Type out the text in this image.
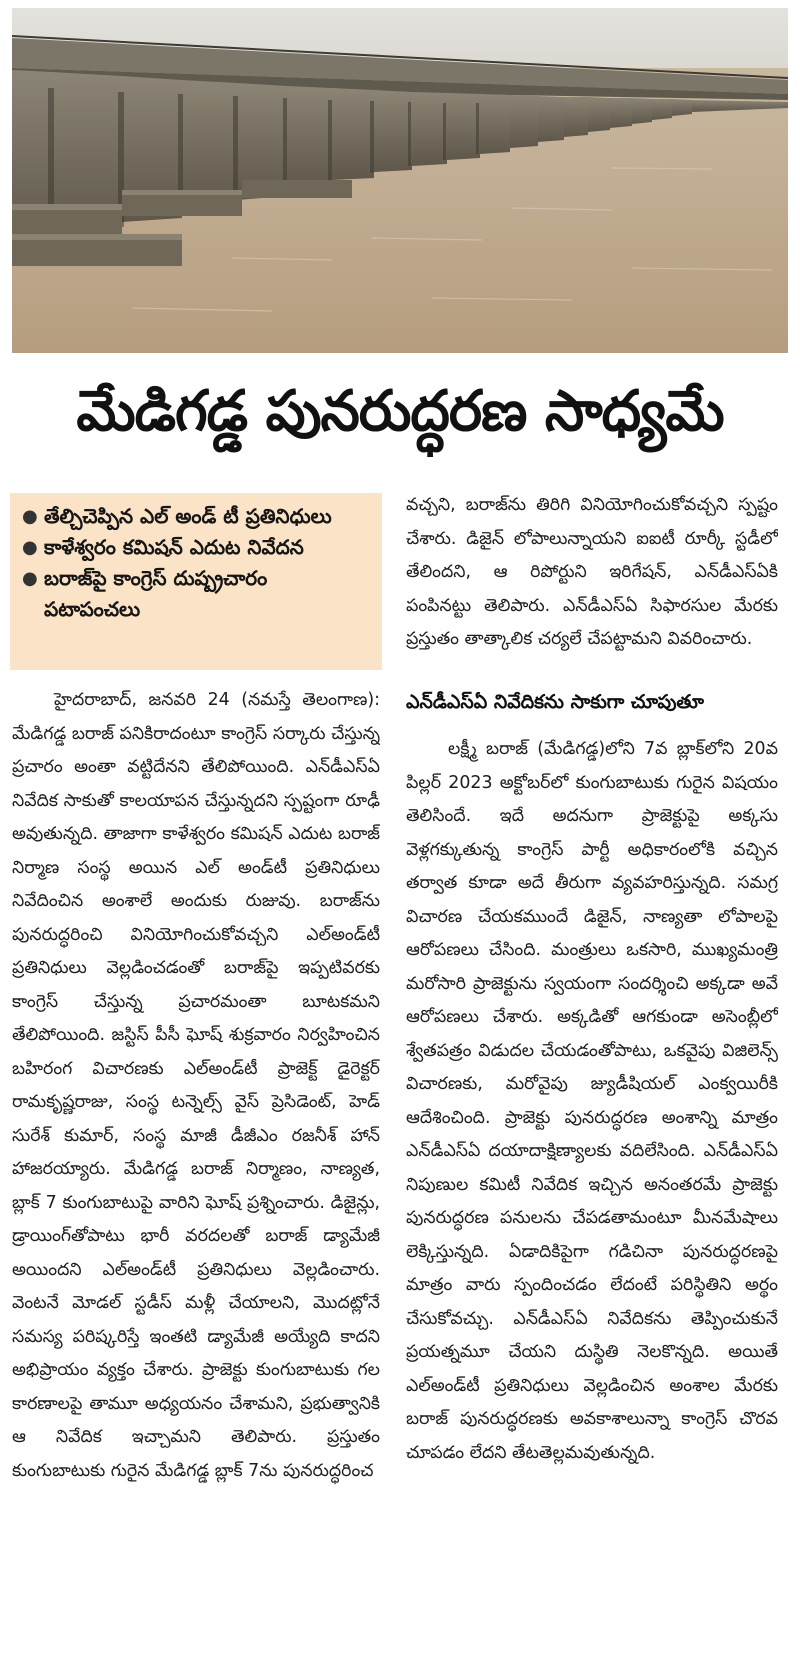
మేడిగడ్డ పునరుద్ధరణ సాధ్యమే
● తేల్చిచెప్పిన ఎల్‌ అండ్‌ టీ ప్రతినిధులు
● కాళేశ్వరం కమిషన్‌ ఎదుట నివేదన
● బరాజ్‌పై కాంగ్రెస్‌ దుష్ప్రచారం పటాపంచలు

హైదరాబాద్‌, జనవరి 24 (నమస్తే తెలంగాణ): మేడిగడ్డ బరాజ్‌ పనికిరాదంటూ కాంగ్రెస్‌ సర్కారు చేస్తున్న ప్రచారం అంతా వట్టిదేనని తేలిపోయింది. ఎన్‌డీఎస్‌ఏ నివేదిక సాకుతో కాలయాపన చేస్తున్నదని స్పష్టంగా రూఢీ అవుతున్నది. తాజాగా కాళేశ్వరం కమిషన్‌ ఎదుట బరాజ్‌ నిర్మాణ సంస్థ అయిన ఎల్‌ అండ్‌టీ ప్రతినిధులు నివేదించిన అంశాలే అందుకు రుజువు. బరాజ్‌ను పునరుద్ధరించి వినియోగించుకోవచ్చని ఎల్‌అండ్‌టీ ప్రతినిధులు వెల్లడించడంతో బరాజ్‌పై ఇప్పటివరకు కాంగ్రెస్‌ చేస్తున్న ప్రచారమంతా బూటకమని తేలిపోయింది. జస్టిస్‌ పీసీ ఘోష్‌ శుక్రవారం నిర్వహించిన బహిరంగ విచారణకు ఎల్‌అండ్‌టీ ప్రాజెక్ట్‌ డైరెక్టర్‌ రామకృష్ణరాజు, సంస్థ టన్నెల్స్‌ వైస్‌ ప్రెసిడెంట్‌, హెడ్‌ సురేశ్‌ కుమార్‌, సంస్థ మాజీ డీజీఎం రజనీశ్‌ హాన్‌ హాజరయ్యారు. మేడిగడ్డ బరాజ్‌ నిర్మాణం, నాణ్యత, బ్లాక్‌ 7 కుంగుబాటుపై వారిని ఘోష్‌ ప్రశ్నించారు. డిజైన్లు, డ్రాయింగ్‌తోపాటు భారీ వరదలతో బరాజ్‌ డ్యామేజీ అయిందని ఎల్‌అండ్‌టీ ప్రతినిధులు వెల్లడించారు. వెంటనే మోడల్‌ స్టడీస్‌ మళ్లీ చేయాలని, మొదట్లోనే సమస్య పరిష్కరిస్తే ఇంతటి డ్యామేజీ అయ్యేది కాదని అభిప్రాయం వ్యక్తం చేశారు. ప్రాజెక్టు కుంగుబాటుకు గల కారణాలపై తామూ అధ్యయనం చేశామని, ప్రభుత్వానికి ఆ నివేదిక ఇచ్చామని తెలిపారు. ప్రస్తుతం కుంగుబాటుకు గురైన మేడిగడ్డ బ్లాక్‌ 7ను పునరుద్ధరించ

వచ్చని, బరాజ్‌ను తిరిగి వినియోగించుకోవచ్చని స్పష్టం చేశారు. డిజైన్‌ లోపాలున్నాయని ఐఐటీ రూర్కీ స్టడీలో తేలిందని, ఆ రిపోర్టుని ఇరిగేషన్‌, ఎన్‌డీఎస్‌ఏకి పంపినట్టు తెలిపారు. ఎన్‌డీఎస్‌ఏ సిఫారసుల మేరకు ప్రస్తుతం తాత్కాలిక చర్యలే చేపట్టామని వివరించారు.

ఎన్‌డీఎస్‌ఏ నివేదికను సాకుగా చూపుతూ

లక్ష్మీ బరాజ్‌ (మేడిగడ్డ)లోని 7వ బ్లాక్‌లోని 20వ పిల్లర్‌ 2023 అక్టోబర్‌లో కుంగుబాటుకు గురైన విషయం తెలిసిందే. ఇదే అదనుగా ప్రాజెక్టుపై అక్కసు వెళ్లగక్కుతున్న కాంగ్రెస్‌ పార్టీ అధికారంలోకి వచ్చిన తర్వాత కూడా అదే తీరుగా వ్యవహరిస్తున్నది. సమగ్ర విచారణ చేయకముందే డిజైన్‌, నాణ్యతా లోపాలపై ఆరోపణలు చేసింది. మంత్రులు ఒకసారి, ముఖ్యమంత్రి మరోసారి ప్రాజెక్టును స్వయంగా సందర్శించి అక్కడా అవే ఆరోపణలు చేశారు. అక్కడితో ఆగకుండా అసెంబ్లీలో శ్వేతపత్రం విడుదల చేయడంతోపాటు, ఒకవైపు విజిలెన్స్‌ విచారణకు, మరోవైపు జ్యుడీషియల్‌ ఎంక్వయిరీకి ఆదేశించింది. ప్రాజెక్టు పునరుద్ధరణ అంశాన్ని మాత్రం ఎన్‌డీఎస్‌ఏ దయాదాక్షిణ్యాలకు వదిలేసింది. ఎన్‌డీఎస్‌ఏ నిపుణుల కమిటీ నివేదిక ఇచ్చిన అనంతరమే ప్రాజెక్టు పునరుద్ధరణ పనులను చేపడతామంటూ మీనమేషాలు లెక్కిస్తున్నది. ఏడాదికిపైగా గడిచినా పునరుద్ధరణపై మాత్రం వారు స్పందించడం లేదంటే పరిస్థితిని అర్థం చేసుకోవచ్చు. ఎన్‌డీఎస్‌ఏ నివేదికను తెప్పించుకునే ప్రయత్నమూ చేయని దుస్థితి నెలకొన్నది. అయితే ఎల్‌అండ్‌టీ ప్రతినిధులు వెల్లడించిన అంశాల మేరకు బరాజ్‌ పునరుద్ధరణకు అవకాశాలున్నా కాంగ్రెస్‌ చొరవ చూపడం లేదని తేటతెల్లమవుతున్నది.
